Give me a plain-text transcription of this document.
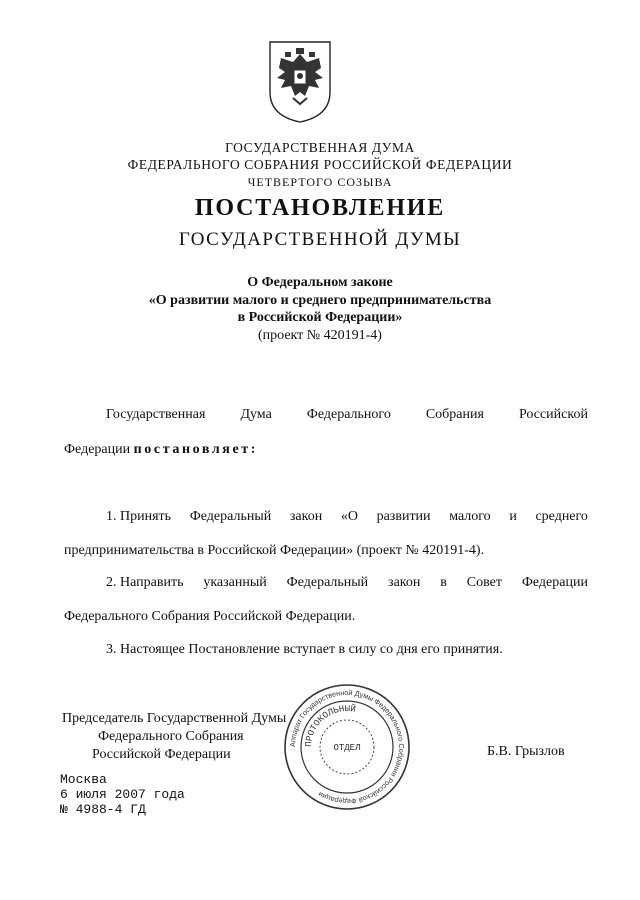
ГОСУДАРСТВЕННАЯ ДУМА
ФЕДЕРАЛЬНОГО СОБРАНИЯ РОССИЙСКОЙ ФЕДЕРАЦИИ
ЧЕТВЕРТОГО СОЗЫВА
ПОСТАНОВЛЕНИЕ
ГОСУДАРСТВЕННОЙ ДУМЫ
О Федеральном законе
«О развитии малого и среднего предпринимательства
в Российской Федерации»
(проект № 420191-4)
Государственная	Дума	Федерального	Собрания	Российской
Федерации постановляет:
1. Принять Федеральный закон «О развитии малого и среднего
предпринимательства в Российской Федерации» (проект № 420191-4).
2. Направить указанный Федеральный закон в Совет Федерации
Федерального Собрания Российской Федерации.
3. Настоящее Постановление вступает в силу со дня его принятия.
Председатель Государственной Думы
Федерального Собрания
Российской Федерации	Б.В. Грызлов
Аппарат Государственной Думы Федерального Собрания Российской Федерации
ПРОТОКОЛЬНЫЙ
ОТДЕЛ
Москва
6 июля 2007 года
№ 4988-4 ГД
